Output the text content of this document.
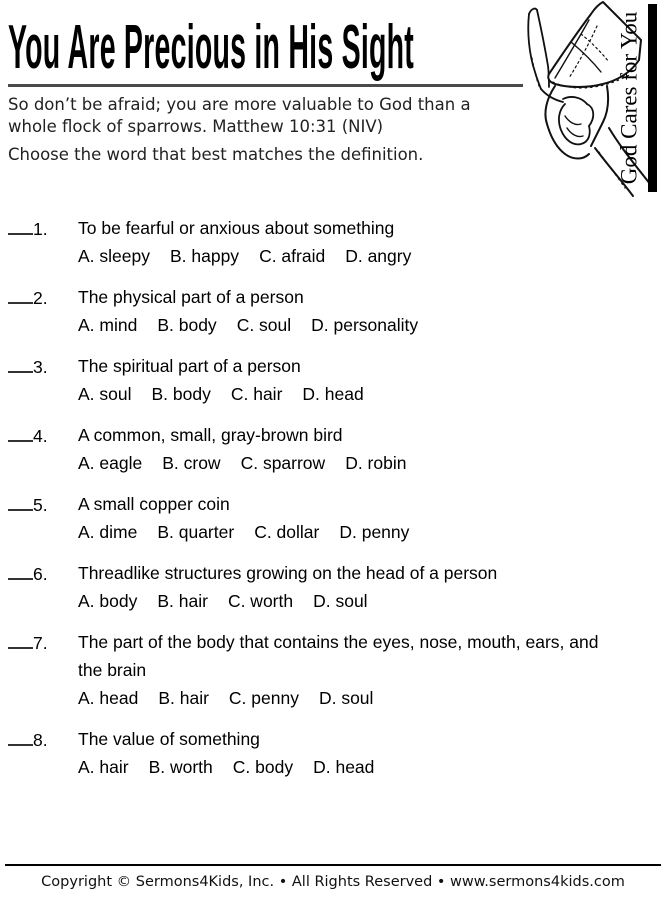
You Are Precious in His Sight
So don’t be afraid; you are more valuable to God than a
whole flock of sparrows. Matthew 10:31 (NIV)
Choose the word that best matches the definition.
1.	To be fearful or anxious about something
A. sleepy B. happy C. afraid D. angry
2.	The physical part of a person
A. mind B. body C. soul D. personality
3.	The spiritual part of a person
A. soul B. body C. hair D. head
4.	A common, small, gray-brown bird
A. eagle B. crow C. sparrow D. robin
5.	A small copper coin
A. dime B. quarter C. dollar D. penny
6.	Threadlike structures growing on the head of a person
A. body B. hair C. worth D. soul
7.	The part of the body that contains the eyes, nose, mouth, ears, and
the brain
A. head B. hair C. penny D. soul
8.	The value of something
A. hair B. worth C. body D. head
God Cares for You
Copyright © Sermons4Kids, Inc. • All Rights Reserved • www.sermons4kids.com
